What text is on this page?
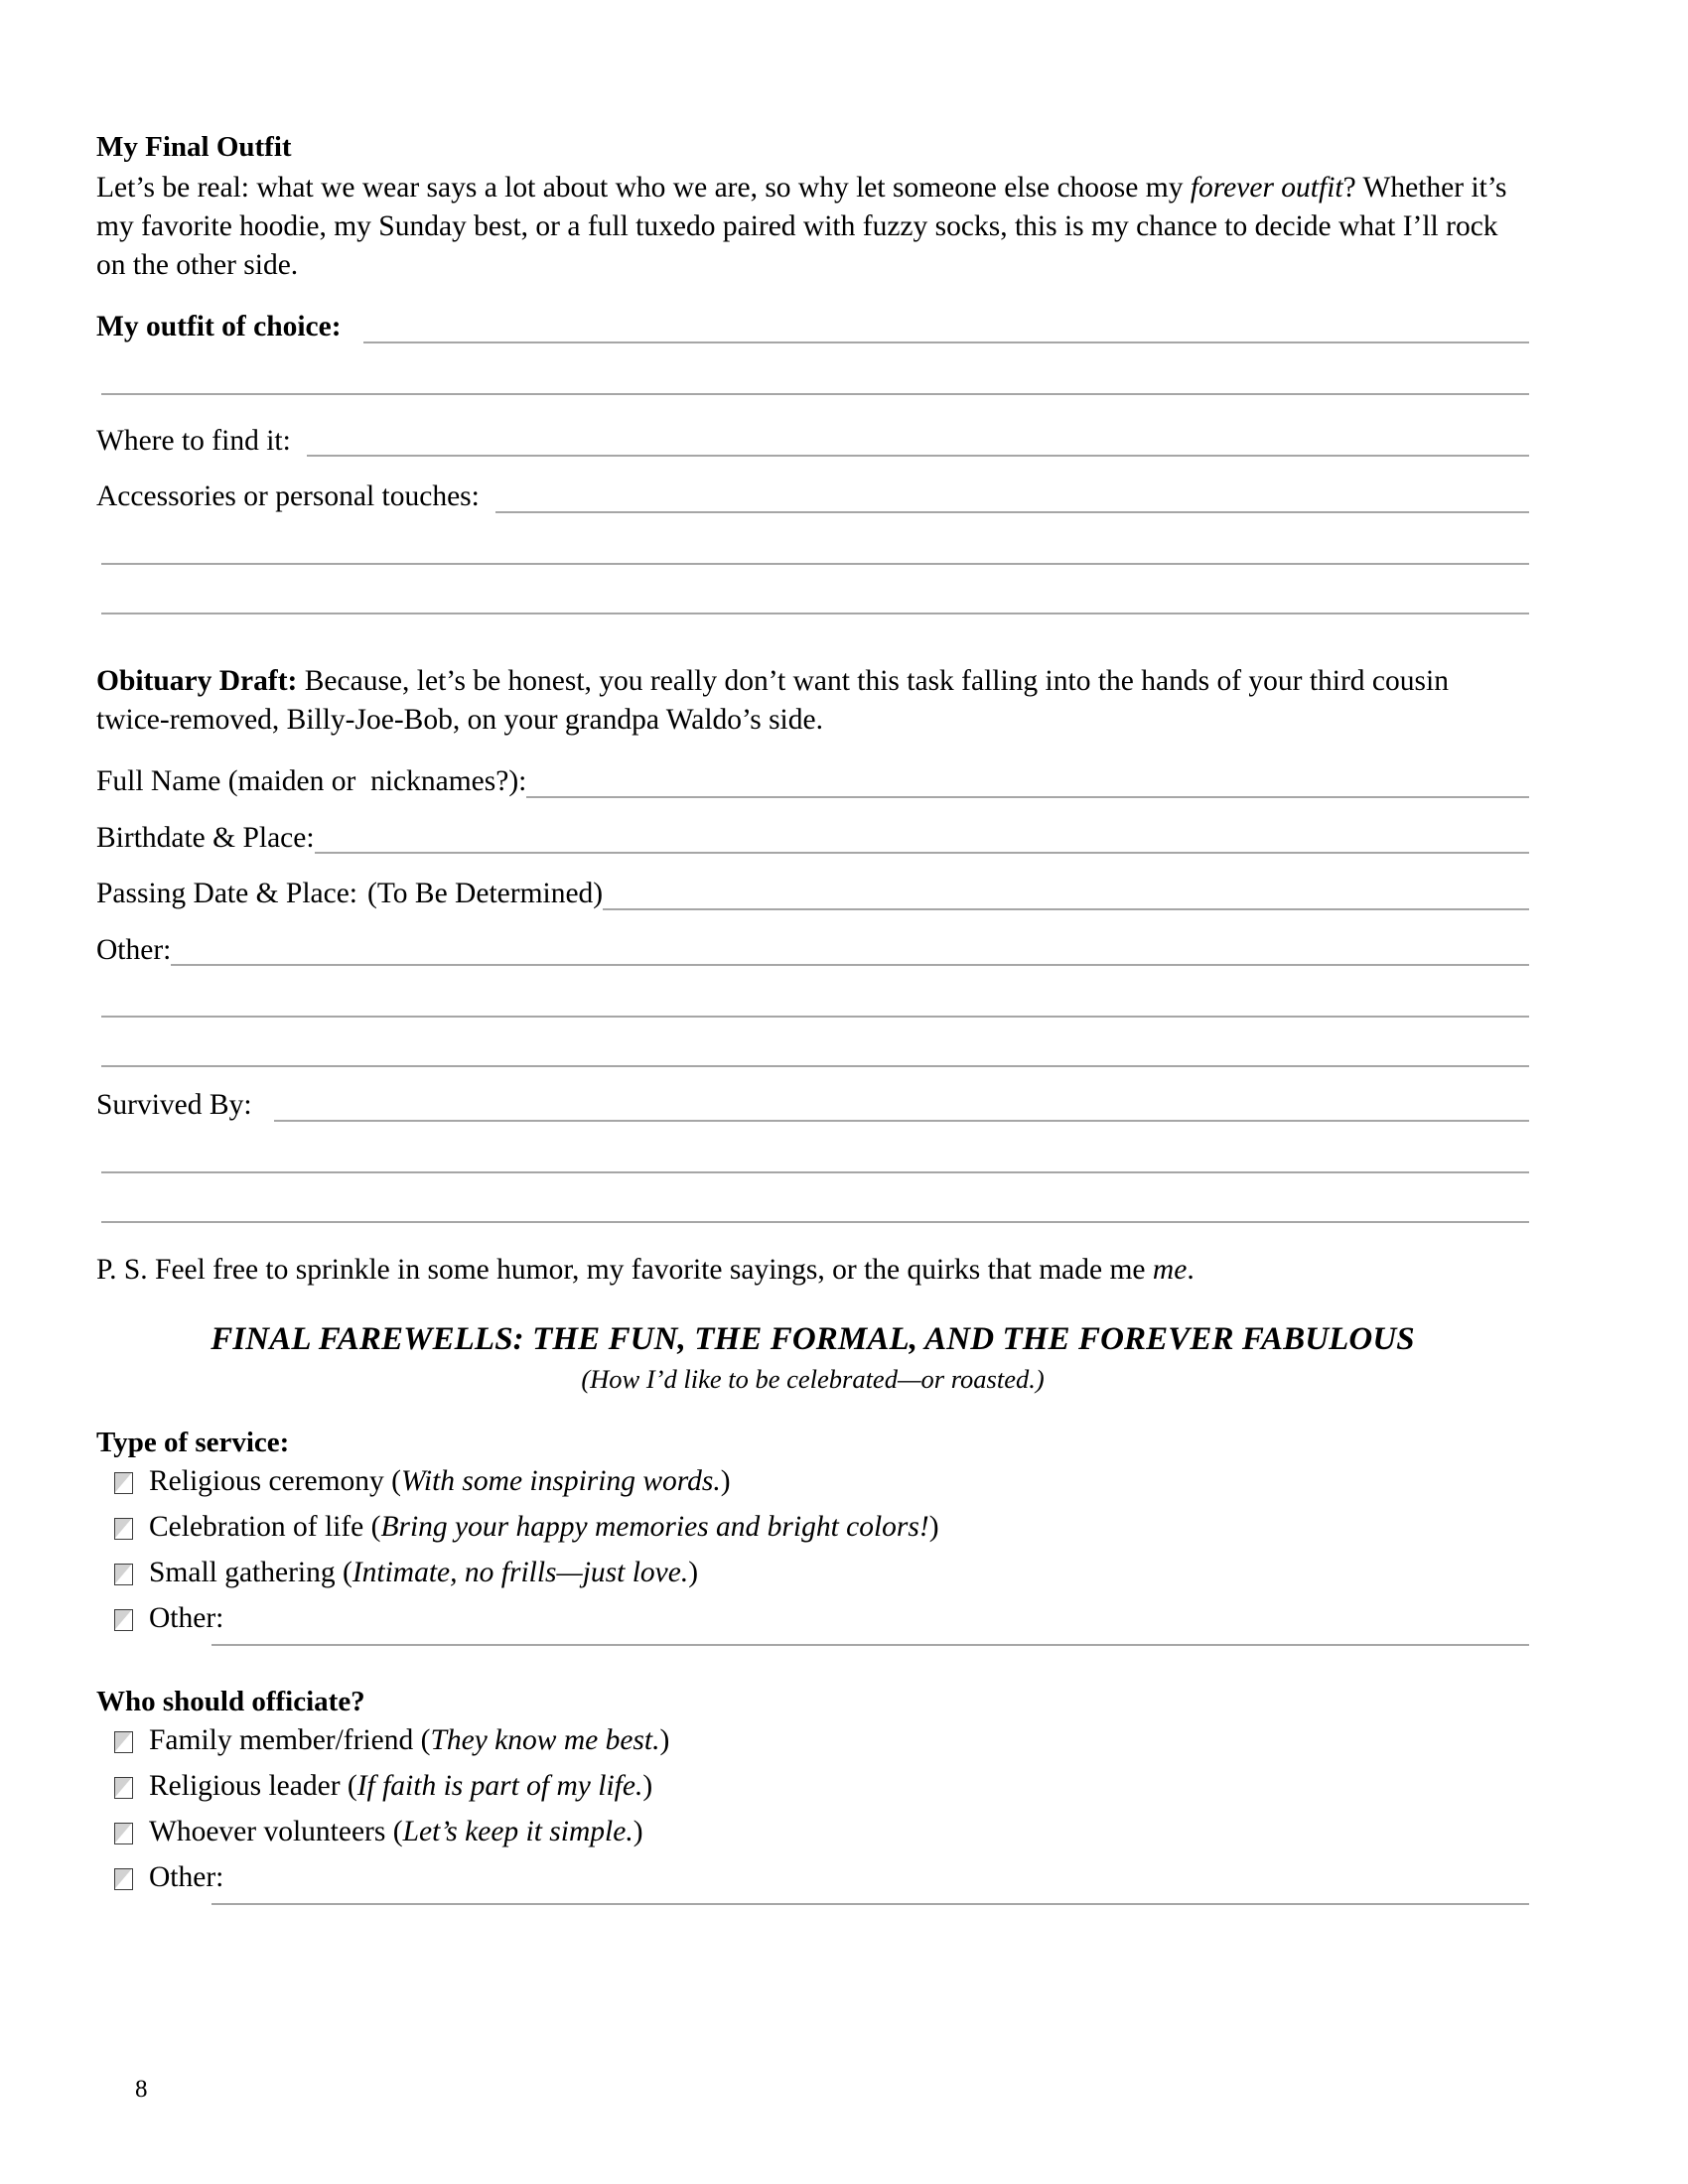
My Final Outfit

Let’s be real: what we wear says a lot about who we are, so why let someone else choose my forever outfit? Whether it’s my favorite hoodie, my Sunday best, or a full tuxedo paired with fuzzy socks, this is my chance to decide what I’ll rock on the other side.

My outfit of choice:
Where to find it:
Accessories or personal touches:

Obituary Draft: Because, let’s be honest, you really don’t want this task falling into the hands of your third cousin twice-removed, Billy-Joe-Bob, on your grandpa Waldo’s side.

Full Name (maiden or  nicknames?):
Birthdate & Place:
Passing Date & Place: (To Be Determined)
Other:
Survived By:

P. S. Feel free to sprinkle in some humor, my favorite sayings, or the quirks that made me me.

FINAL FAREWELLS: THE FUN, THE FORMAL, AND THE FOREVER FABULOUS
(How I’d like to be celebrated—or roasted.)
Type of service:
Religious ceremony (With some inspiring words.)
Celebration of life (Bring your happy memories and bright colors!)
Small gathering (Intimate, no frills—just love.)
Other:
Who should officiate?
Family member/friend (They know me best.)
Religious leader (If faith is part of my life.)
Whoever volunteers (Let’s keep it simple.)
Other:
8
